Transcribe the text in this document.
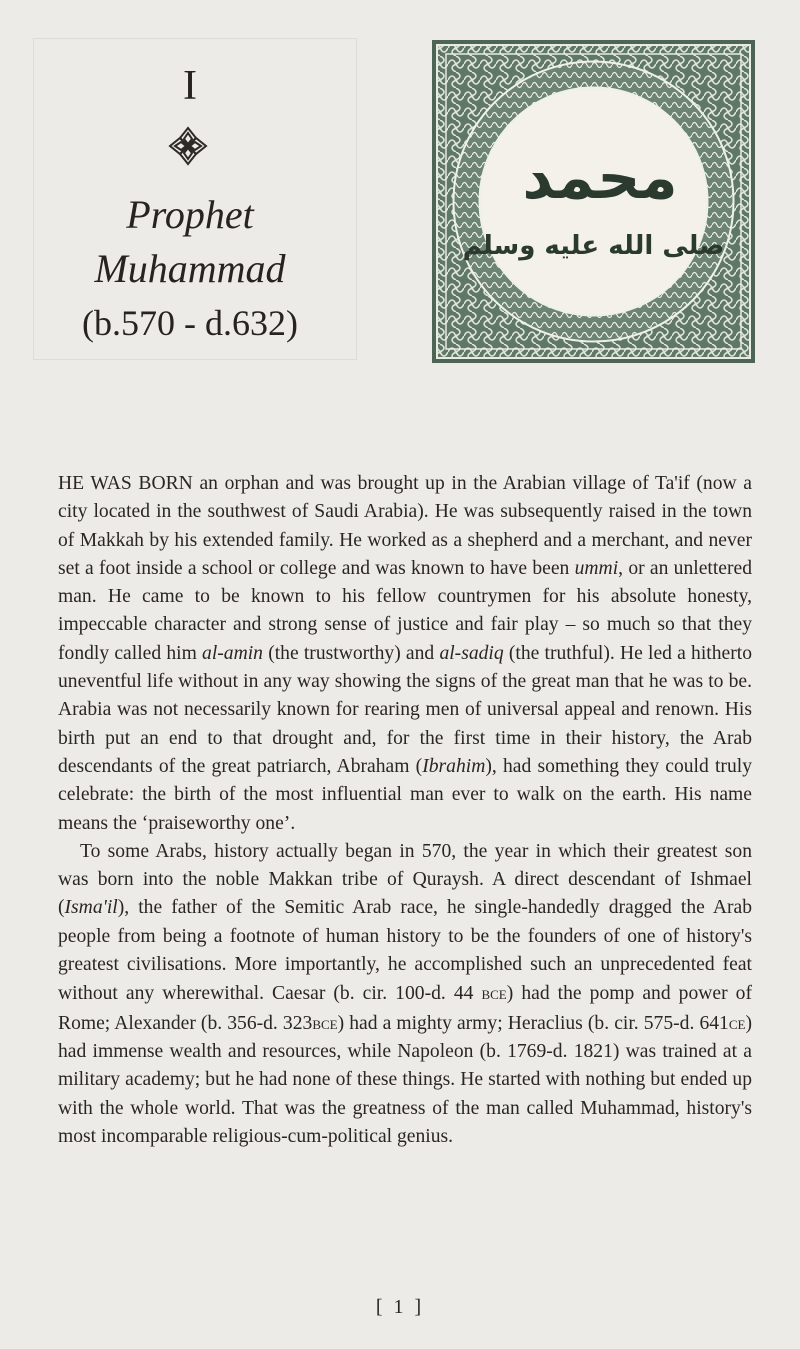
I
Prophet
Muhammad
(b.570 - d.632)
محمد
صلى الله عليه وسلم

HE WAS BORN an orphan and was brought up in the Arabian village of Ta'if (now a city located in the southwest of Saudi Arabia). He was subsequently raised in the town of Makkah by his extended family. He worked as a shepherd and a merchant, and never set a foot inside a school or college and was known to have been ummi, or an unlettered man. He came to be known to his fellow countrymen for his absolute honesty, impeccable character and strong sense of justice and fair play – so much so that they fondly called him al-amin (the trustworthy) and al-sadiq (the truthful). He led a hitherto uneventful life without in any way showing the signs of the great man that he was to be. Arabia was not necessarily known for rearing men of universal appeal and renown. His birth put an end to that drought and, for the first time in their history, the Arab descendants of the great patriarch, Abraham (Ibrahim), had something they could truly celebrate: the birth of the most influential man ever to walk on the earth. His name means the ‘praiseworthy one’.

To some Arabs, history actually began in 570, the year in which their greatest son was born into the noble Makkan tribe of Quraysh. A direct descendant of Ishmael (Isma'il), the father of the Semitic Arab race, he single-handedly dragged the Arab people from being a footnote of human history to be the founders of one of history's greatest civilisations. More importantly, he accomplished such an unprecedented feat without any wherewithal. Caesar (b. cir. 100-d. 44 bce) had the pomp and power of Rome; Alexander (b. 356-d. 323bce) had a mighty army; Heraclius (b. cir. 575-d. 641ce) had immense wealth and resources, while Napoleon (b. 1769-d. 1821) was trained at a military academy; but he had none of these things. He started with nothing but ended up with the whole world. That was the greatness of the man called Muhammad, history's most incomparable religious-cum-political genius.

[ 1 ]
